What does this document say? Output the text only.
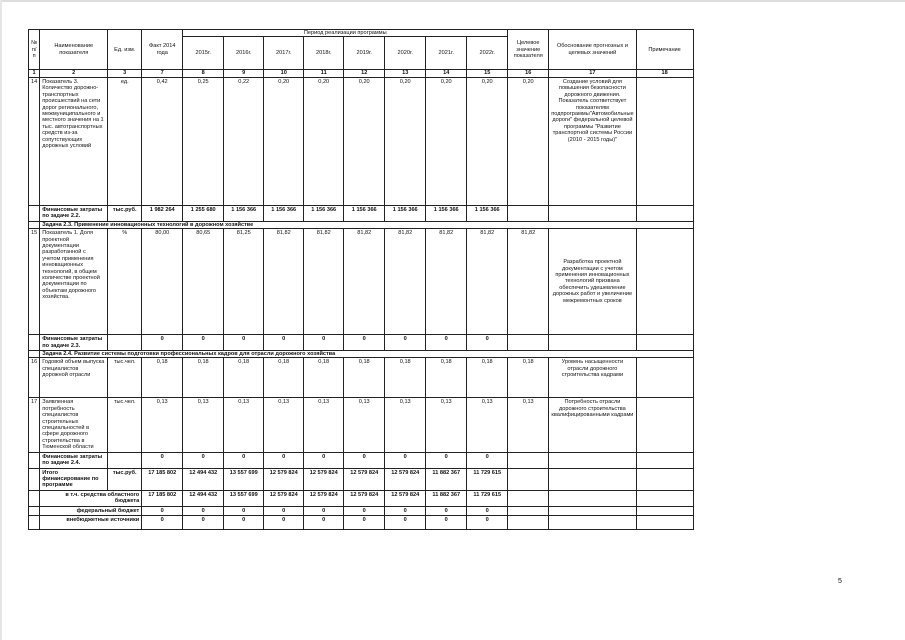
№ п/п	Наименование показателя	Ед. изм.	Факт 2014 года	Период реализации программы								Целевое значение показателя	Обоснование прогнозных и целевых значений	Примечание
				2015г.	2016г.	2017г.	2018г.	2019г.	2020г.	2021г.	2022г.			
1	2	3	7	8	9	10	11	12	13	14	15	16	17	18
14	Показатель 3. Количество дорожно-транспортных происшествий на сети дорог регионального, межмуниципального и местного значения на 1 тыс. автотранспортных средств из-за сопутствующих дорожных условий	ед.	0,42	0,25	0,22	0,20	0,20	0,20	0,20	0,20	0,20	0,20	Создание условий для повышения безопасности дорожного движения. Показатель соответствует показателям подпрограммы"Автомобильные дороги" федеральной целевой программы "Развитие транспортной системы России (2010 - 2015 годы)"	
	Финансовые затраты по задаче 2.2.	тыс.руб.	1 982 264	1 255 680	1 156 366	1 156 366	1 156 366	1 156 366	1 156 366	1 156 366	1 156 366			
	Задача 2.3. Применение инновационных технологий в дорожном хозяйстве													
15	Показатель 1. Доля проектной документации разработанной с учетом применения инновационных технологий, в общем количестве проектной документации по объектам дорожного хозяйства.	%	80,00	80,65	81,25	81,82	81,82	81,82	81,82	81,82	81,82	81,82	Разработка проектной документации с учетом применения инновационных технологий призвана обеспечить удешевление дорожных работ и увеличение межремонтных сроков	
	Финансовые затраты по задаче 2.3.		0	0	0	0	0	0	0	0	0			
	Задача 2.4. Развитие системы подготовки профессиональных кадров для отрасли дорожного хозяйства													
16	Годовой объем выпуска специалистов дорожной отрасли	тыс.чел.	0,18	0,18	0,18	0,18	0,18	0,18	0,18	0,18	0,18	0,18	Уровень насыщенности отрасли дорожного строительства кадрами	
17	Заявленная потребность специалистов строительных специальностей в сфере дорожного строительства в Тюменской области	тыс.чел.	0,13	0,13	0,13	0,13	0,13	0,13	0,13	0,13	0,13	0,13	Потребность отрасли дорожного строительства квалифицированными кадрами	
	Финансовые затраты по задаче 2.4.		0	0	0	0	0	0	0	0	0			
	Итого финансирование по программе	тыс.руб.	17 185 802	12 494 432	13 557 699	12 579 824	12 579 824	12 579 824	12 579 824	11 882 367	11 729 615			
	в т.ч. средства областного бюджета		17 185 802	12 494 432	13 557 699	12 579 824	12 579 824	12 579 824	12 579 824	11 882 367	11 729 615			
	федеральный бюджет		0	0	0	0	0	0	0	0	0			
	внебюджетные источники		0	0	0	0	0	0	0	0	0			
5
